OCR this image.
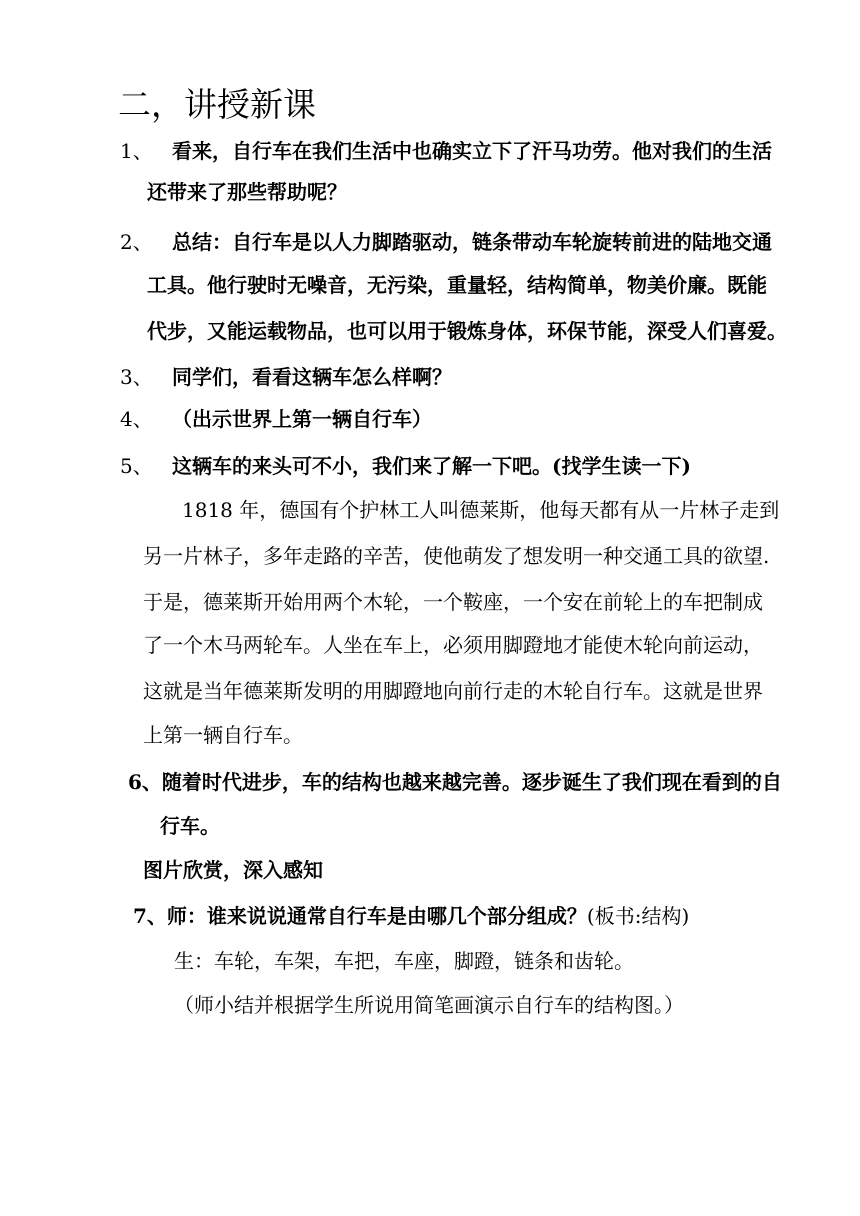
二，讲授新课
1、 看来，自行车在我们生活中也确实立下了汗马功劳。他对我们的生活
还带来了那些帮助呢？
2、 总结：自行车是以人力脚踏驱动，链条带动车轮旋转前进的陆地交通
工具。他行驶时无噪音，无污染，重量轻，结构简单，物美价廉。既能
代步，又能运载物品，也可以用于锻炼身体，环保节能，深受人们喜爱。
3、 同学们，看看这辆车怎么样啊？
4、 （出示世界上第一辆自行车）
5、 这辆车的来头可不小，我们来了解一下吧。(找学生读一下)
1818 年，德国有个护林工人叫德莱斯，他每天都有从一片林子走到
另一片林子，多年走路的辛苦，使他萌发了想发明一种交通工具的欲望.
于是，德莱斯开始用两个木轮，一个鞍座，一个安在前轮上的车把制成
了一个木马两轮车。人坐在车上，必须用脚蹬地才能使木轮向前运动，
这就是当年德莱斯发明的用脚蹬地向前行走的木轮自行车。这就是世界
上第一辆自行车。
6、随着时代进步，车的结构也越来越完善。逐步诞生了我们现在看到的自
行车。
图片欣赏，深入感知
7、师：谁来说说通常自行车是由哪几个部分组成？(板书:结构)
生：车轮，车架，车把，车座，脚蹬，链条和齿轮。
（师小结并根据学生所说用简笔画演示自行车的结构图。）
